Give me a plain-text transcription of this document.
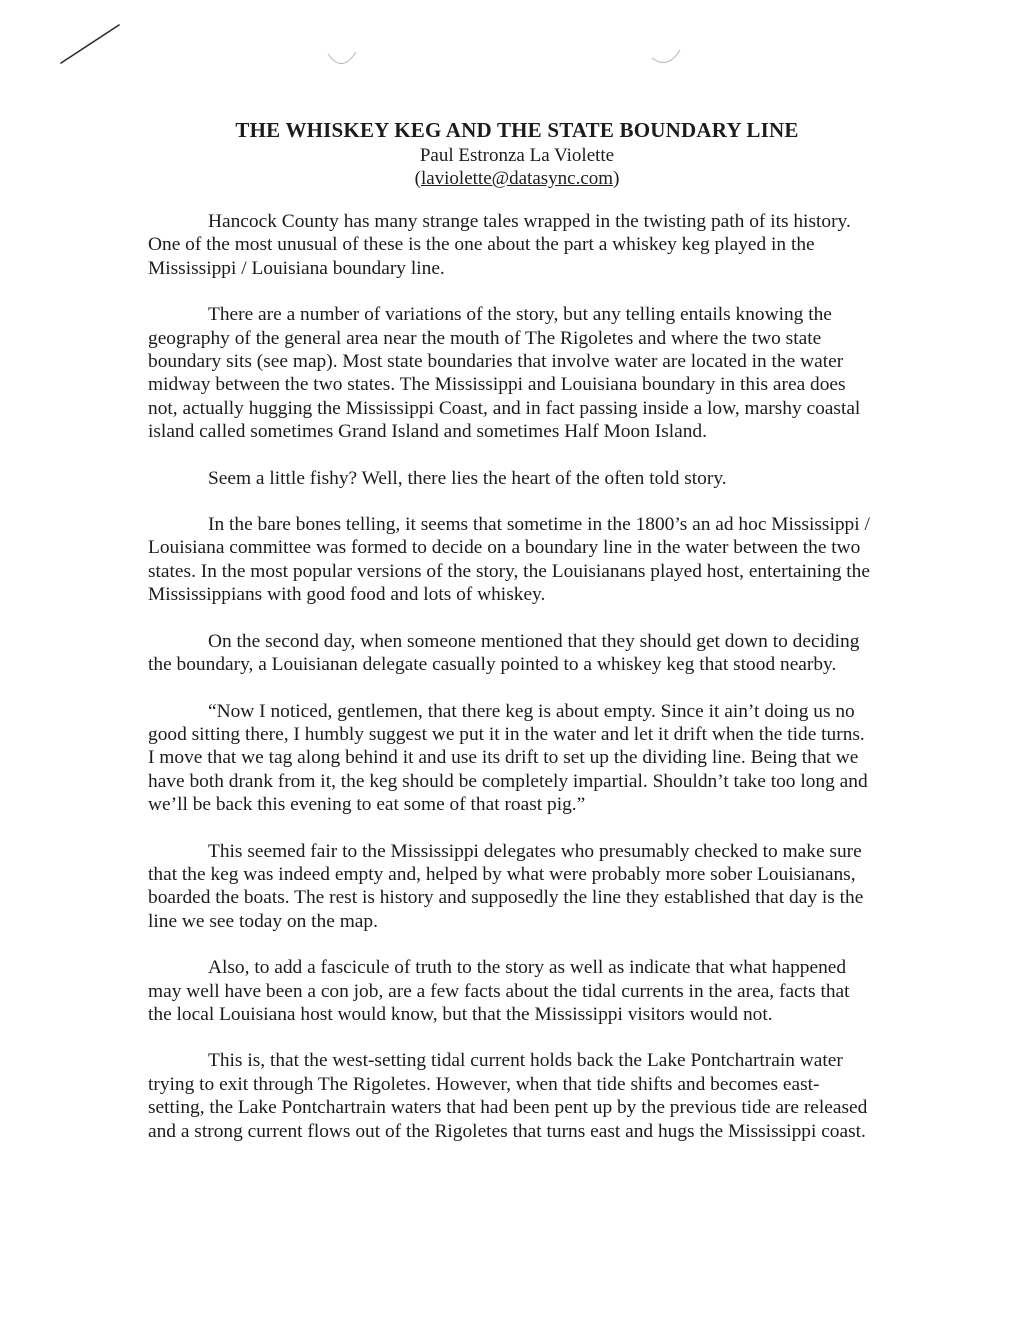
THE WHISKEY KEG AND THE STATE BOUNDARY LINE
Paul Estronza La Violette
(laviolette@datasync.com)

Hancock County has many strange tales wrapped in the twisting path of its history. One of the most unusual of these is the one about the part a whiskey keg played in the Mississippi / Louisiana boundary line.

There are a number of variations of the story, but any telling entails knowing the geography of the general area near the mouth of The Rigoletes and where the two state boundary sits (see map). Most state boundaries that involve water are located in the water midway between the two states. The Mississippi and Louisiana boundary in this area does not, actually hugging the Mississippi Coast, and in fact passing inside a low, marshy coastal island called sometimes Grand Island and sometimes Half Moon Island.

Seem a little fishy? Well, there lies the heart of the often told story.

In the bare bones telling, it seems that sometime in the 1800’s an ad hoc Mississippi / Louisiana committee was formed to decide on a boundary line in the water between the two states. In the most popular versions of the story, the Louisianans played host, entertaining the Mississippians with good food and lots of whiskey.

On the second day, when someone mentioned that they should get down to deciding the boundary, a Louisianan delegate casually pointed to a whiskey keg that stood nearby.

“Now I noticed, gentlemen, that there keg is about empty. Since it ain’t doing us no good sitting there, I humbly suggest we put it in the water and let it drift when the tide turns. I move that we tag along behind it and use its drift to set up the dividing line. Being that we have both drank from it, the keg should be completely impartial. Shouldn’t take too long and we’ll be back this evening to eat some of that roast pig.”

This seemed fair to the Mississippi delegates who presumably checked to make sure that the keg was indeed empty and, helped by what were probably more sober Louisianans, boarded the boats. The rest is history and supposedly the line they established that day is the line we see today on the map.

Also, to add a fascicule of truth to the story as well as indicate that what happened may well have been a con job, are a few facts about the tidal currents in the area, facts that the local Louisiana host would know, but that the Mississippi visitors would not.

This is, that the west-setting tidal current holds back the Lake Pontchartrain water trying to exit through The Rigoletes. However, when that tide shifts and becomes east-setting, the Lake Pontchartrain waters that had been pent up by the previous tide are released and a strong current flows out of the Rigoletes that turns east and hugs the Mississippi coast.
